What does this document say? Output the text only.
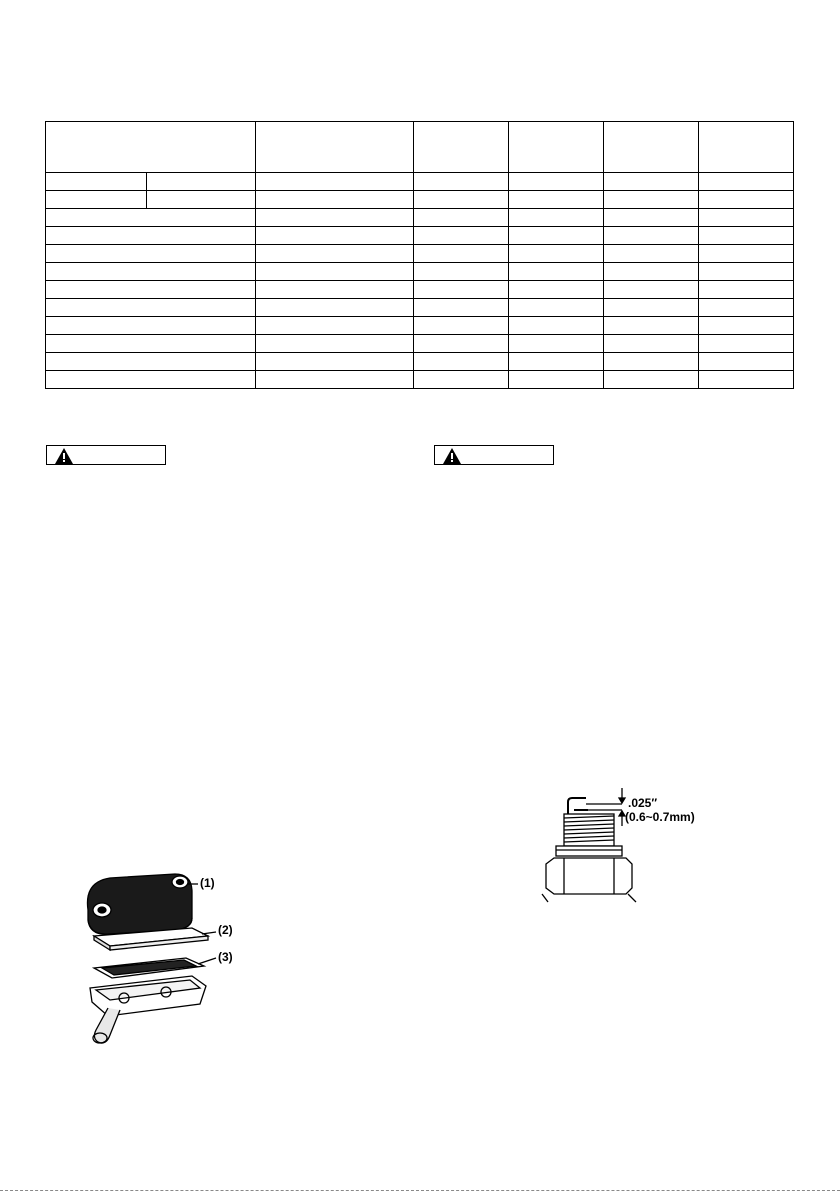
(1)
(2)
(3)
.025″
(0.6~0.7mm)
